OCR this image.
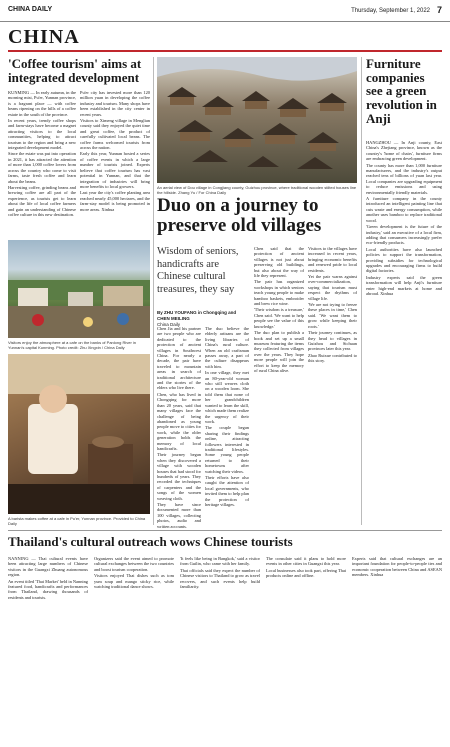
CHINA DAILY	Thursday, September 1, 2022 7
CHINA
'Coffee tourism' aims at integrated development

KUNMING — In early autumn, in the morning mist, Pu'er, Yunnan province, is a fragrant place — with coffee beans ripening on the hills of a coffee estate in the south of the province.

In recent years, trendy coffee shops and farm-stays have become a magnet attracting visitors to the local communities, helping to attract tourism to the region and bring a new integrated development model.

Since the estate was put into operation in 2021, it has attracted the attention of more than 1,000 coffee lovers from across the country who come to visit farms, taste fresh coffee and learn about the beans.

Harvesting coffee, grinding beans and brewing coffee are all part of the experience, as tourists get to learn about the life of local coffee farmers and gain an understanding of Chinese coffee culture in this new destination.

Pu'er city has invested more than 120 million yuan in developing the coffee industry and tourism. Many shops have been established in the city center in recent years.

Visitors to Ximeng village in Menglian county said they enjoyed the quiet time and great coffee, the product of carefully cultivated local beans. The coffee farms welcomed tourists from across the nation.

Early this year, Yunnan hosted a series of coffee events in which a large number of tourists joined. Experts believe that coffee tourism has vast potential in Yunnan, and that the integration of industries will bring more benefits to local growers.

Last year the city's coffee planting area reached nearly 45,000 hectares, and the farm-stay model is being promoted in more areas. Xinhua

Visitors enjoy the atmosphere at a cafe on the banks of Panlong River in Yunnan's capital Kunming. Photo credit: Zhu Xingxin / China Daily
A barista makes coffee at a cafe in Pu'er, Yunnan province. Provided to China Daily
An aerial view of Dou village in Congjiang county, Guizhou province, where traditional wooden stilted houses line the hillside. Zhang Yu / For China Daily
Duo on a journey to preserve old villages
Wisdom of seniors, handicrafts are Chinese cultural treasures, they say
By ZHU YOUFANG in Chongqing and CHEN MEILING
China Daily

Chen Jia and his partner are two people who are dedicated to the protection of ancient villages in Southwest China. For nearly a decade, the pair have traveled to mountain areas in search of traditional architecture and the stories of the elders who live there.

Chen, who has lived in Chongqing for more than 20 years, said that many villages face the challenge of being abandoned as young people move to cities for work, while the older generation holds the memory of local handicrafts.

Their journey began when they discovered a village with wooden houses that had stood for hundreds of years. They recorded the techniques of carpenters and the songs of the women weaving cloth.

They have since documented more than 100 villages, collecting photos, audio and written accounts.

The duo believe the elderly artisans are the living libraries of China's rural culture. When an old craftsman passes away, a part of the culture disappears with him.

In one village, they met an 80-year-old woman who still weaves cloth on a wooden loom. She told them that none of her grandchildren wanted to learn the skill, which made them realize the urgency of their work.

The couple began sharing their findings online, attracting followers interested in traditional lifestyles. Some young people returned to their hometowns after watching their videos.

Their efforts have also caught the attention of local governments, who invited them to help plan the protection of heritage villages.

Chen said that the protection of ancient villages is not just about preserving old buildings, but also about the way of life they represent.

The pair has organized workshops in which seniors teach young people to make bamboo baskets, embroider and brew rice wine.

'Their wisdom is a treasure,' Chen said. 'We want to help people see the value of this knowledge.'

The duo plan to publish a book and set up a small museum featuring the items they collected from villages over the years. They hope more people will join the effort to keep the memory of rural China alive.

Visitors to the villages have increased in recent years, bringing economic benefits and renewed pride to local residents.

Yet the pair warns against over-commercialization, saying that tourism must respect the rhythms of village life.

'We are not trying to freeze these places in time,' Chen said. 'We want them to grow while keeping their roots.'

Their journey continues, as they head to villages in Guizhou and Sichuan provinces later this year.

Zhao Ruixue contributed to this story.

Furniture companies see a green revolution in Anji

HANGZHOU — In Anji county, East China's Zhejiang province, known as the country's 'home of chairs', furniture firms are embracing green development.

The county has more than 1,000 furniture manufacturers, and the industry's output reached tens of billions of yuan last year. Local companies are upgrading equipment to reduce emissions and using environmentally friendly materials.

A furniture company in the county introduced an intelligent painting line that cuts waste and energy consumption, while another uses bamboo to replace traditional wood.

'Green development is the future of the industry,' said an executive of a local firm, adding that consumers increasingly prefer eco-friendly products.

Local authorities have also launched policies to support the transformation, providing subsidies for technological upgrades and encouraging firms to build digital factories.

Industry experts said the green transformation will help Anji's furniture enter high-end markets at home and abroad. Xinhua

Thailand's cultural outreach wows Chinese tourists

NANNING — Thai cultural events have been attracting large numbers of Chinese visitors in the Guangxi Zhuang autonomous region.

An event titled 'Thai Market' held in Nanning featured food, handicrafts and performances from Thailand, drawing thousands of residents and tourists.

Organizers said the event aimed to promote cultural exchanges between the two countries and boost tourism cooperation.

Visitors enjoyed Thai dishes such as tom yum soup and mango sticky rice, while watching traditional dance shows.

'It feels like being in Bangkok,' said a visitor from Guilin, who came with her family.

Thai officials said they expect the number of Chinese visitors to Thailand to grow as travel recovers, and such events help build familiarity.

The consulate said it plans to hold more events in other cities in Guangxi this year.

Local businesses also took part, offering Thai products online and offline.

Experts said that cultural exchanges are an important foundation for people-to-people ties and economic cooperation between China and ASEAN members. Xinhua
